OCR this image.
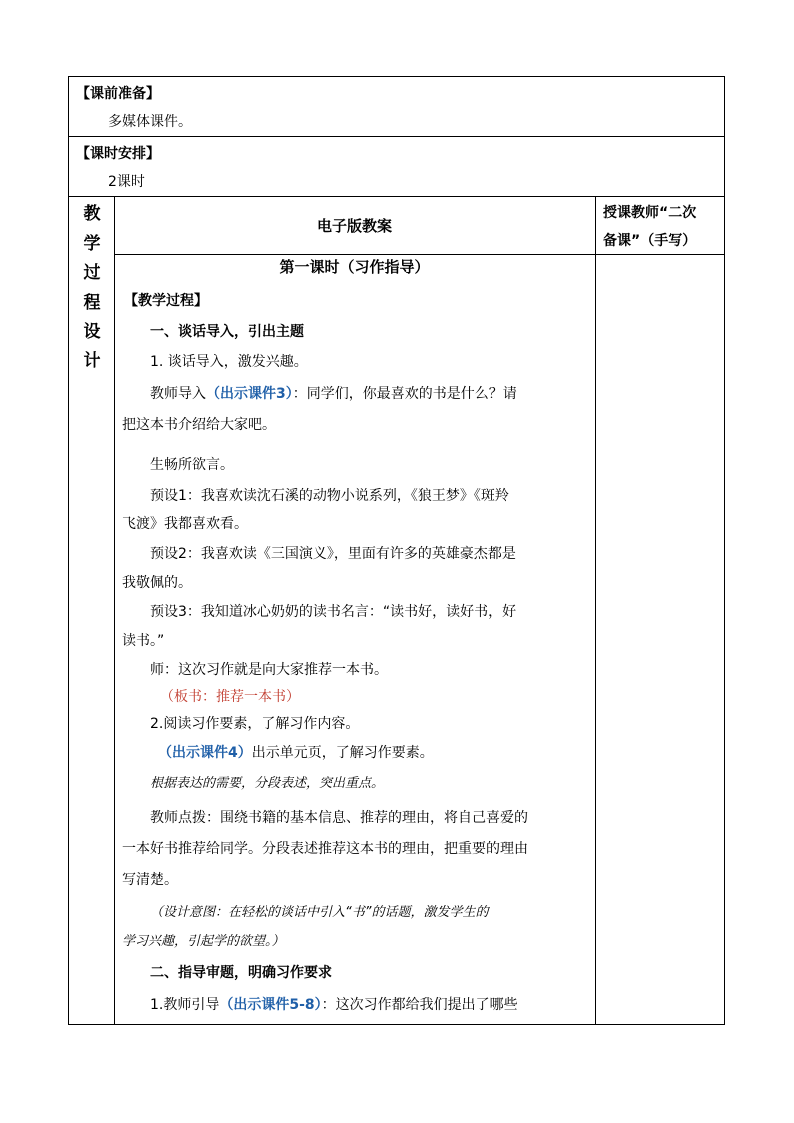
【课前准备】
多媒体课件。
【课时安排】
2课时
教
学
过
程
设
计
电子版教案
授课教师“二次
备课”（手写）
第一课时（习作指导）
【教学过程】
一、谈话导入，引出主题
1. 谈话导入，激发兴趣。
教师导入（出示课件3）：同学们，你最喜欢的书是什么？请
把这本书介绍给大家吧。
生畅所欲言。
预设1：我喜欢读沈石溪的动物小说系列，《狼王梦》《斑羚
飞渡》我都喜欢看。
预设2：我喜欢读《三国演义》，里面有许多的英雄豪杰都是
我敬佩的。
预设3：我知道冰心奶奶的读书名言：“读书好，读好书，好
读书。”
师：这次习作就是向大家推荐一本书。
（板书：推荐一本书）
2.阅读习作要素，了解习作内容。
（出示课件4）出示单元页，了解习作要素。
根据表达的需要，分段表述，突出重点。
教师点拨：围绕书籍的基本信息、推荐的理由，将自己喜爱的
一本好书推荐给同学。分段表述推荐这本书的理由，把重要的理由
写清楚。
（设计意图：在轻松的谈话中引入“书”的话题，激发学生的
学习兴趣，引起学的欲望。）
二、指导审题，明确习作要求
1.教师引导（出示课件5-8）：这次习作都给我们提出了哪些
